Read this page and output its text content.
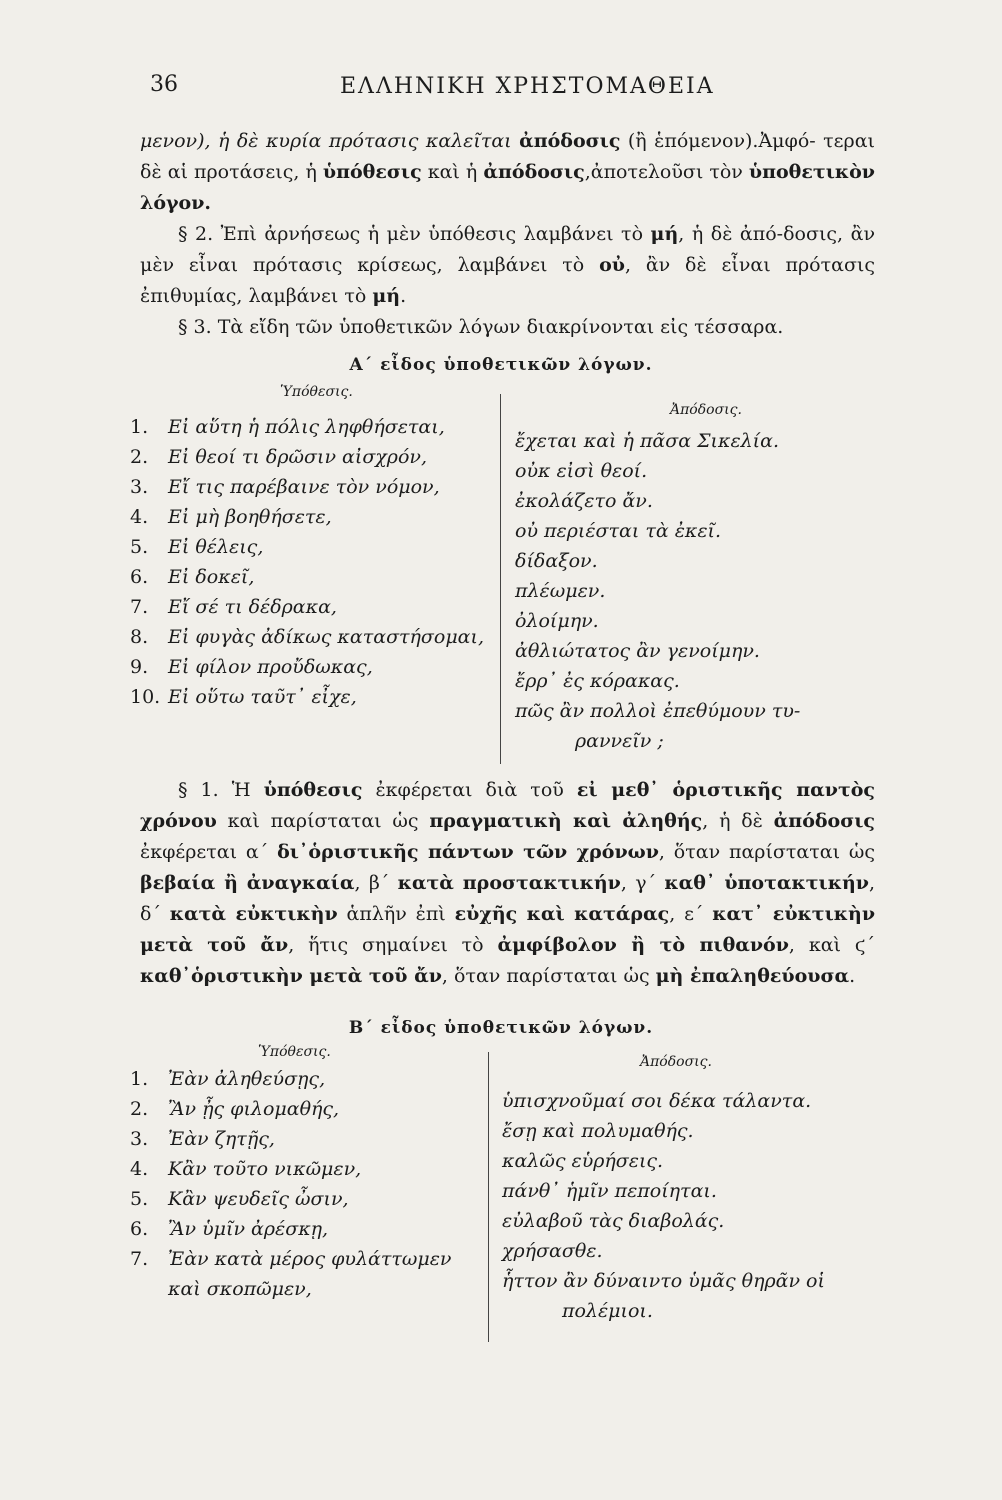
36	ΕΛΛΗΝΙΚΗ ΧΡΗΣΤΟΜΑΘΕΙΑ

μενον), ἡ δὲ κυρία πρότασις καλεῖται ἀπόδοσις (ἢ ἑπόμενον).Ἀμφό- τεραι δὲ αἱ προτάσεις, ἡ ὑπόθεσις καὶ ἡ ἀπόδοσις,ἀποτελοῦσι τὸν ὑποθετικὸν λόγον.

§ 2. Ἐπὶ ἀρνήσεως ἡ μὲν ὑπόθεσις λαμβάνει τὸ μή, ἡ δὲ ἀπό-δοσις, ἂν μὲν εἶναι πρότασις κρίσεως, λαμβάνει τὸ οὐ, ἂν δὲ εἶναι πρότασις ἐπιθυμίας, λαμβάνει τὸ μή.

§ 3. Τὰ εἴδη τῶν ὑποθετικῶν λόγων διακρίνονται εἰς τέσσαρα.

Α΄ εἶδος ὑποθετικῶν λόγων.
Ὑπόθεσις.
Ἀπόδοσις.
1. Εἰ αὕτη ἡ πόλις ληφθήσεται,
2. Εἰ θεοί τι δρῶσιν αἰσχρόν,
3. Εἴ τις παρέβαινε τὸν νόμον,
4. Εἰ μὴ βοηθήσετε,
5. Εἰ θέλεις,
6. Εἰ δοκεῖ,
7. Εἴ σέ τι δέδρακα,
8. Εἰ φυγὰς ἀδίκως καταστήσομαι,
9. Εἰ φίλον προὔδωκας,
10. Εἰ οὕτω ταῦτ᾿ εἶχε,
ἔχεται καὶ ἡ πᾶσα Σικελία.
οὐκ εἰσὶ θεοί.
ἐκολάζετο ἄν.
οὐ περιέσται τὰ ἐκεῖ.
δίδαξον.
πλέωμεν.
ὀλοίμην.
ἀθλιώτατος ἂν γενοίμην.
ἔρρ᾿ ἐς κόρακας.
πῶς ἂν πολλοὶ ἐπεθύμουν τυ-
ραννεῖν ;

§ 1. Ἡ ὑπόθεσις ἐκφέρεται διὰ τοῦ εἰ μεθ᾿ ὁριστικῆς παντὸς χρόνου καὶ παρίσταται ὡς πραγματικὴ καὶ ἀληθής, ἡ δὲ ἀπόδοσις ἐκφέρεται α΄ δι᾿ὁριστικῆς πάντων τῶν χρόνων, ὅταν παρίσταται ὡς βεβαία ἢ ἀναγκαία, β΄ κατὰ προστακτικήν, γ΄ καθ᾿ ὑποτακτικήν, δ΄ κατὰ εὐκτικὴν ἁπλῆν ἐπὶ εὐχῆς καὶ κατάρας, ε΄ κατ᾿ εὐκτικὴν μετὰ τοῦ ἄν, ἥτις σημαίνει τὸ ἀμφίβολον ἢ τὸ πιθανόν, καὶ ϛ΄ καθ᾿ὁριστικὴν μετὰ τοῦ ἄν, ὅταν παρίσταται ὡς μὴ ἐπαληθεύουσα.

Β΄ εἶδος ὑποθετικῶν λόγων.
Ὑπόθεσις.
Ἀπόδοσις.
1. Ἐὰν ἀληθεύσῃς,
2. Ἂν ᾖς φιλομαθής,
3. Ἐὰν ζητῇς,
4. Κἂν τοῦτο νικῶμεν,
5. Κἂν ψευδεῖς ὦσιν,
6. Ἂν ὑμῖν ἀρέσκῃ,
7. Ἐὰν κατὰ μέρος φυλάττωμεν
καὶ σκοπῶμεν,
ὑπισχνοῦμαί σοι δέκα τάλαντα.
ἔσῃ καὶ πολυμαθής.
καλῶς εὑρήσεις.
πάνθ᾿ ἡμῖν πεποίηται.
εὐλαβοῦ τὰς διαβολάς.
χρήσασθε.
ἧττον ἂν δύναιντο ὑμᾶς θηρᾶν οἱ
πολέμιοι.
